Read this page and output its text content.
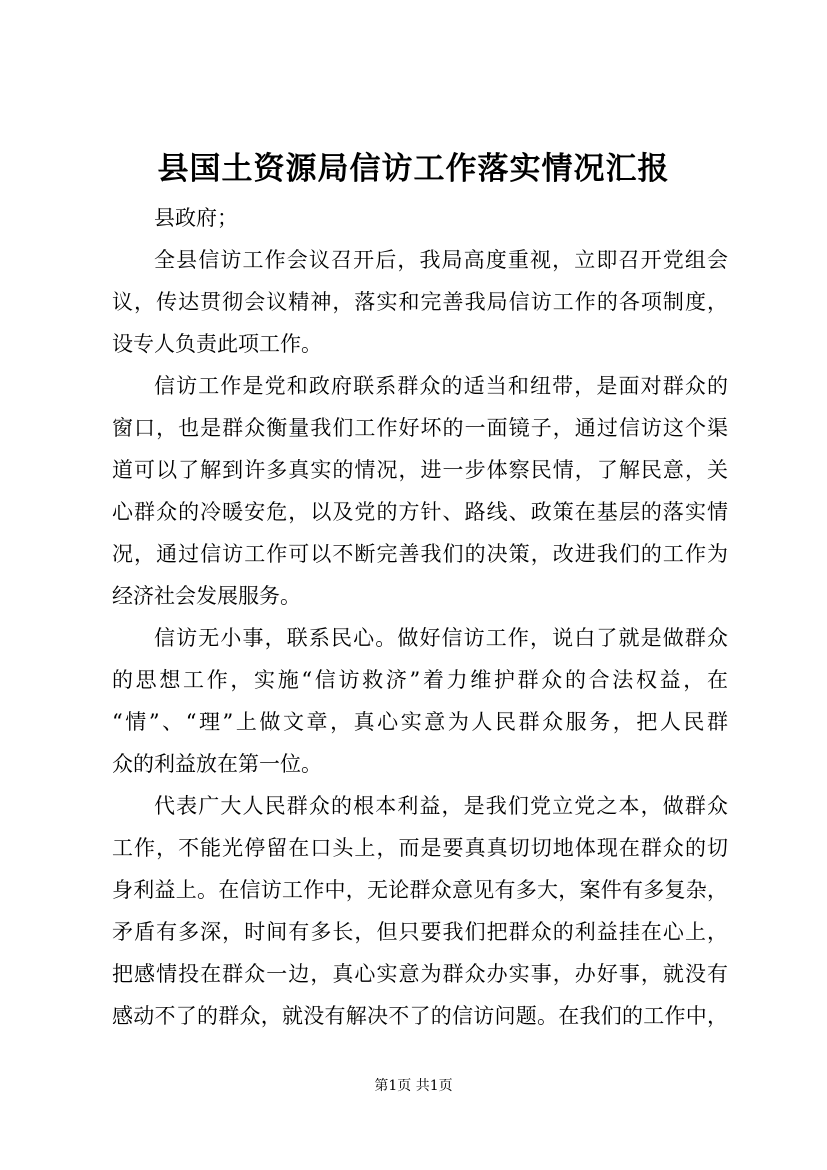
县国土资源局信访工作落实情况汇报
县政府；
全县信访工作会议召开后，我局高度重视，立即召开党组会
议，传达贯彻会议精神，落实和完善我局信访工作的各项制度，
设专人负责此项工作。
信访工作是党和政府联系群众的适当和纽带，是面对群众的
窗口，也是群众衡量我们工作好坏的一面镜子，通过信访这个渠
道可以了解到许多真实的情况，进一步体察民情，了解民意，关
心群众的冷暖安危，以及党的方针、路线、政策在基层的落实情
况，通过信访工作可以不断完善我们的决策，改进我们的工作为
经济社会发展服务。
信访无小事，联系民心。做好信访工作，说白了就是做群众
的思想工作，实施“信访救济”着力维护群众的合法权益，在
“情”、“理”上做文章，真心实意为人民群众服务，把人民群
众的利益放在第一位。
代表广大人民群众的根本利益，是我们党立党之本，做群众
工作，不能光停留在口头上，而是要真真切切地体现在群众的切
身利益上。在信访工作中，无论群众意见有多大，案件有多复杂，
矛盾有多深，时间有多长，但只要我们把群众的利益挂在心上，
把感情投在群众一边，真心实意为群众办实事，办好事，就没有
感动不了的群众，就没有解决不了的信访问题。在我们的工作中，
第1页 共1页
